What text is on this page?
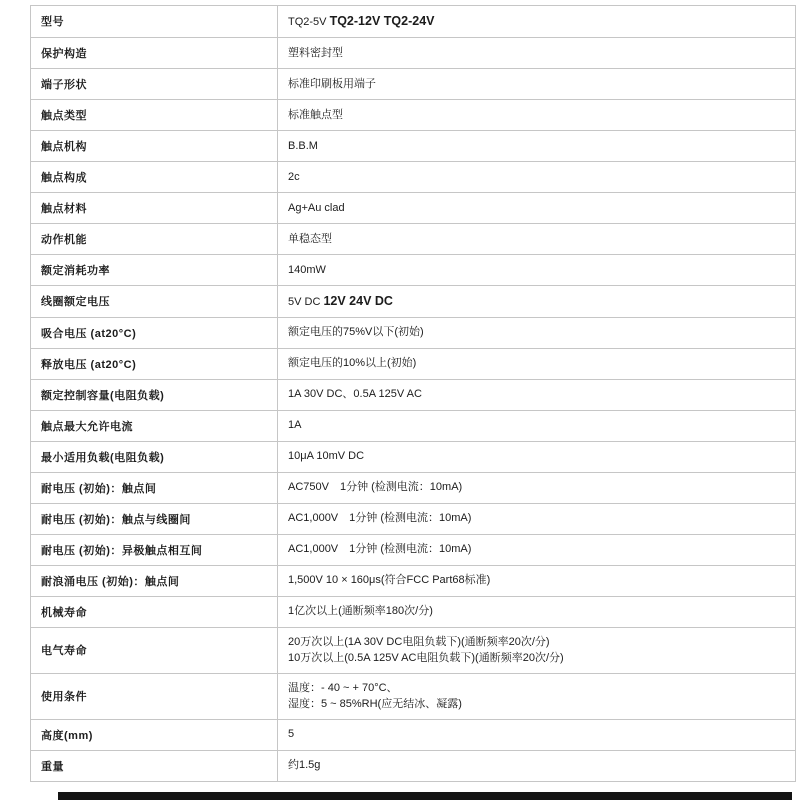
型号	TQ2-5V TQ2-12V TQ2-24V

保护构造	塑料密封型

端子形状	标准印刷板用端子

触点类型	标准触点型

触点机构	B.B.M

触点构成	2c

触点材料	Ag+Au clad

动作机能	单稳态型

额定消耗功率	140mW

线圈额定电压	5V DC 12V 24V DC

吸合电压 (at20°C)	额定电压的75%V以下(初始)

释放电压 (at20°C)	额定电压的10%以上(初始)

额定控制容量(电阻负载)	1A 30V DC、0.5A 125V AC

触点最大允许电流	1A

最小适用负载(电阻负载)	10μA 10mV DC

耐电压 (初始)：触点间	AC750V　1分钟 (检测电流：10mA)

耐电压 (初始)：触点与线圈间	AC1,000V　1分钟 (检测电流：10mA)

耐电压 (初始)：异极触点相互间	AC1,000V　1分钟 (检测电流：10mA)

耐浪涌电压 (初始)：触点间	1,500V 10 × 160μs(符合FCC Part68标准)

机械寿命	1亿次以上(通断频率180次/分)

电气寿命	20万次以上(1A 30V DC电阻负载下)(通断频率20次/分)
10万次以上(0.5A 125V AC电阻负载下)(通断频率20次/分)

使用条件	温度：- 40 ~ + 70°C、
湿度：5 ~ 85%RH(应无结冰、凝露)

高度(mm)	5

重量	约1.5g
